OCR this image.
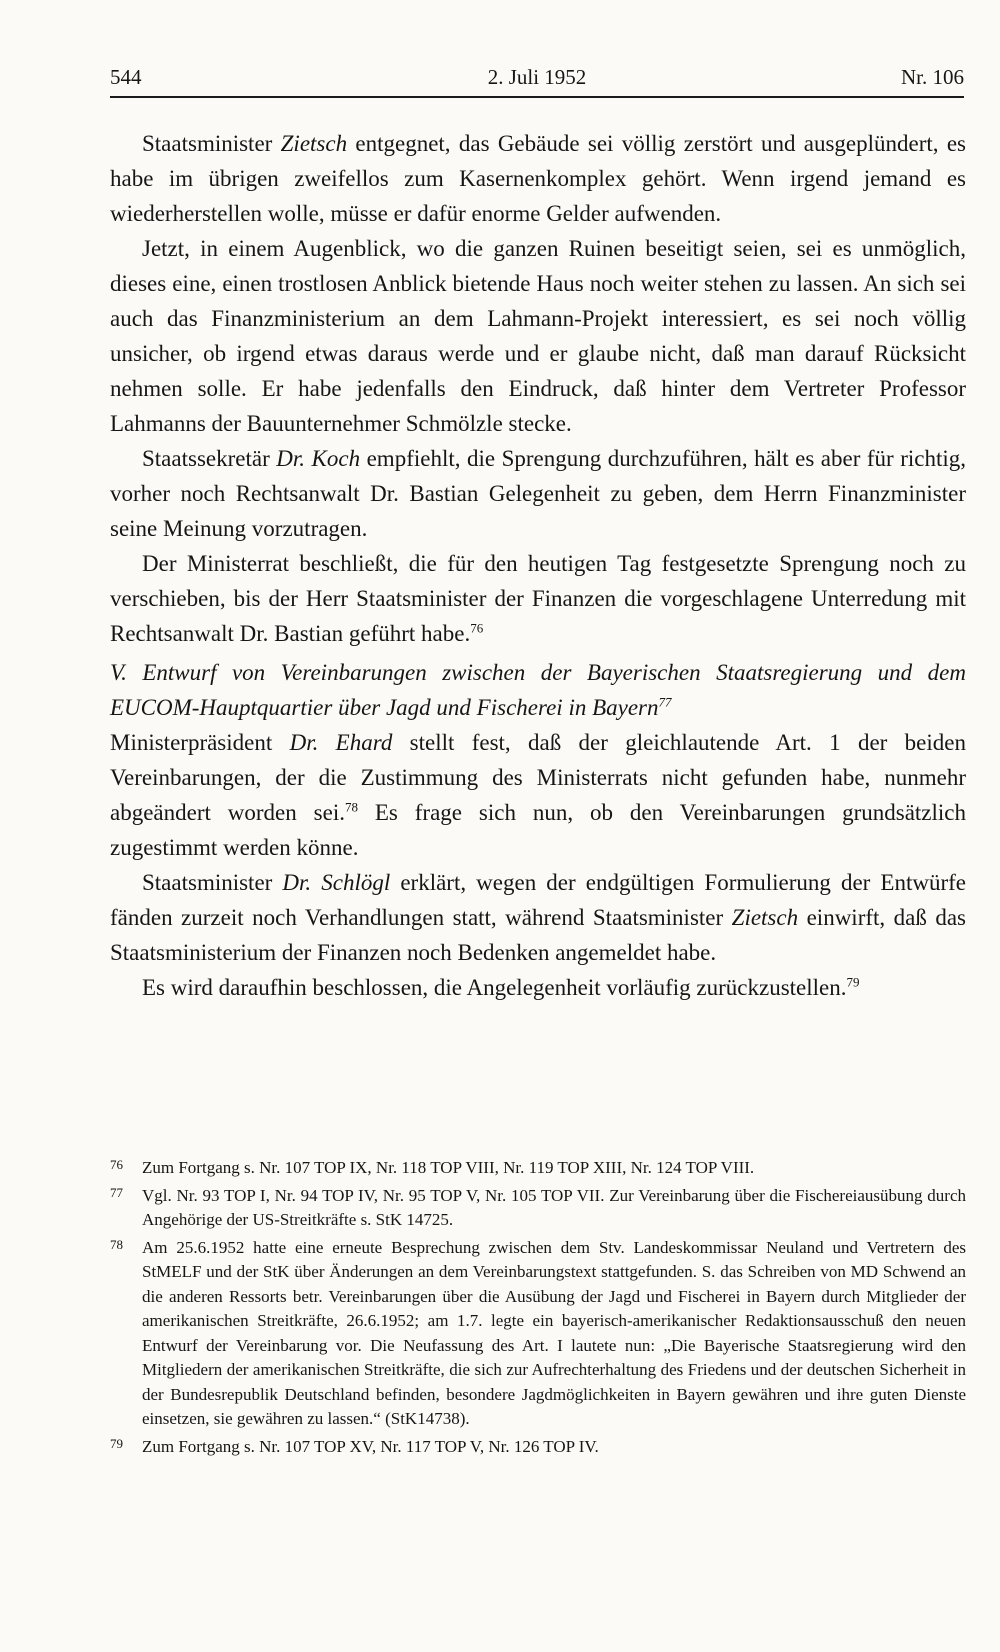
544	2. Juli 1952	Nr. 106

Staatsminister Zietsch entgegnet, das Gebäude sei völlig zerstört und ausgeplündert, es habe im übrigen zweifellos zum Kasernenkomplex gehört. Wenn irgend jemand es wiederherstellen wolle, müsse er dafür enorme Gelder aufwenden.

Jetzt, in einem Augenblick, wo die ganzen Ruinen beseitigt seien, sei es unmöglich, dieses eine, einen trostlosen Anblick bietende Haus noch weiter stehen zu lassen. An sich sei auch das Finanzministerium an dem Lahmann-Projekt interessiert, es sei noch völlig unsicher, ob irgend etwas daraus werde und er glaube nicht, daß man darauf Rücksicht nehmen solle. Er habe jedenfalls den Eindruck, daß hinter dem Vertreter Professor Lahmanns der Bauunternehmer Schmölzle stecke.

Staatssekretär Dr. Koch empfiehlt, die Sprengung durchzuführen, hält es aber für richtig, vorher noch Rechtsanwalt Dr. Bastian Gelegenheit zu geben, dem Herrn Finanzminister seine Meinung vorzutragen.

Der Ministerrat beschließt, die für den heutigen Tag festgesetzte Sprengung noch zu verschieben, bis der Herr Staatsminister der Finanzen die vorgeschlagene Unterredung mit Rechtsanwalt Dr. Bastian geführt habe.$^{76}$

V. Entwurf von Vereinbarungen zwischen der Bayerischen Staatsregierung und dem EUCOM-Hauptquartier über Jagd und Fischerei in Bayern$^{77}$

Ministerpräsident Dr. Ehard stellt fest, daß der gleichlautende Art. 1 der beiden Vereinbarungen, der die Zustimmung des Ministerrats nicht gefunden habe, nunmehr abgeändert worden sei.$^{78}$ Es frage sich nun, ob den Vereinbarungen grundsätzlich zugestimmt werden könne.

Staatsminister Dr. Schlögl erklärt, wegen der endgültigen Formulierung der Entwürfe fänden zurzeit noch Verhandlungen statt, während Staatsminister Zietsch einwirft, daß das Staatsministerium der Finanzen noch Bedenken angemeldet habe.

Es wird daraufhin beschlossen, die Angelegenheit vorläufig zurückzustellen.$^{79}$

76 Zum Fortgang s. Nr. 107 TOP IX, Nr. 118 TOP VIII, Nr. 119 TOP XIII, Nr. 124 TOP VIII.
77 Vgl. Nr. 93 TOP I, Nr. 94 TOP IV, Nr. 95 TOP V, Nr. 105 TOP VII. Zur Vereinbarung über die Fischereiausübung durch Angehörige der US-Streitkräfte s. StK 14725.
78 Am 25.6.1952 hatte eine erneute Besprechung zwischen dem Stv. Landeskommissar Neuland und Vertretern des StMELF und der StK über Änderungen an dem Vereinbarungstext stattgefunden. S. das Schreiben von MD Schwend an die anderen Ressorts betr. Vereinbarungen über die Ausübung der Jagd und Fischerei in Bayern durch Mitglieder der amerikanischen Streitkräfte, 26.6.1952; am 1.7. legte ein bayerisch-amerikanischer Redaktionsausschuß den neuen Entwurf der Vereinbarung vor. Die Neufassung des Art. I lautete nun: „Die Bayerische Staatsregierung wird den Mitgliedern der amerikanischen Streitkräfte, die sich zur Aufrechterhaltung des Friedens und der deutschen Sicherheit in der Bundesrepublik Deutschland befinden, besondere Jagdmöglichkeiten in Bayern gewähren und ihre guten Dienste einsetzen, sie gewähren zu lassen.“ (StK14738).
79 Zum Fortgang s. Nr. 107 TOP XV, Nr. 117 TOP V, Nr. 126 TOP IV.
